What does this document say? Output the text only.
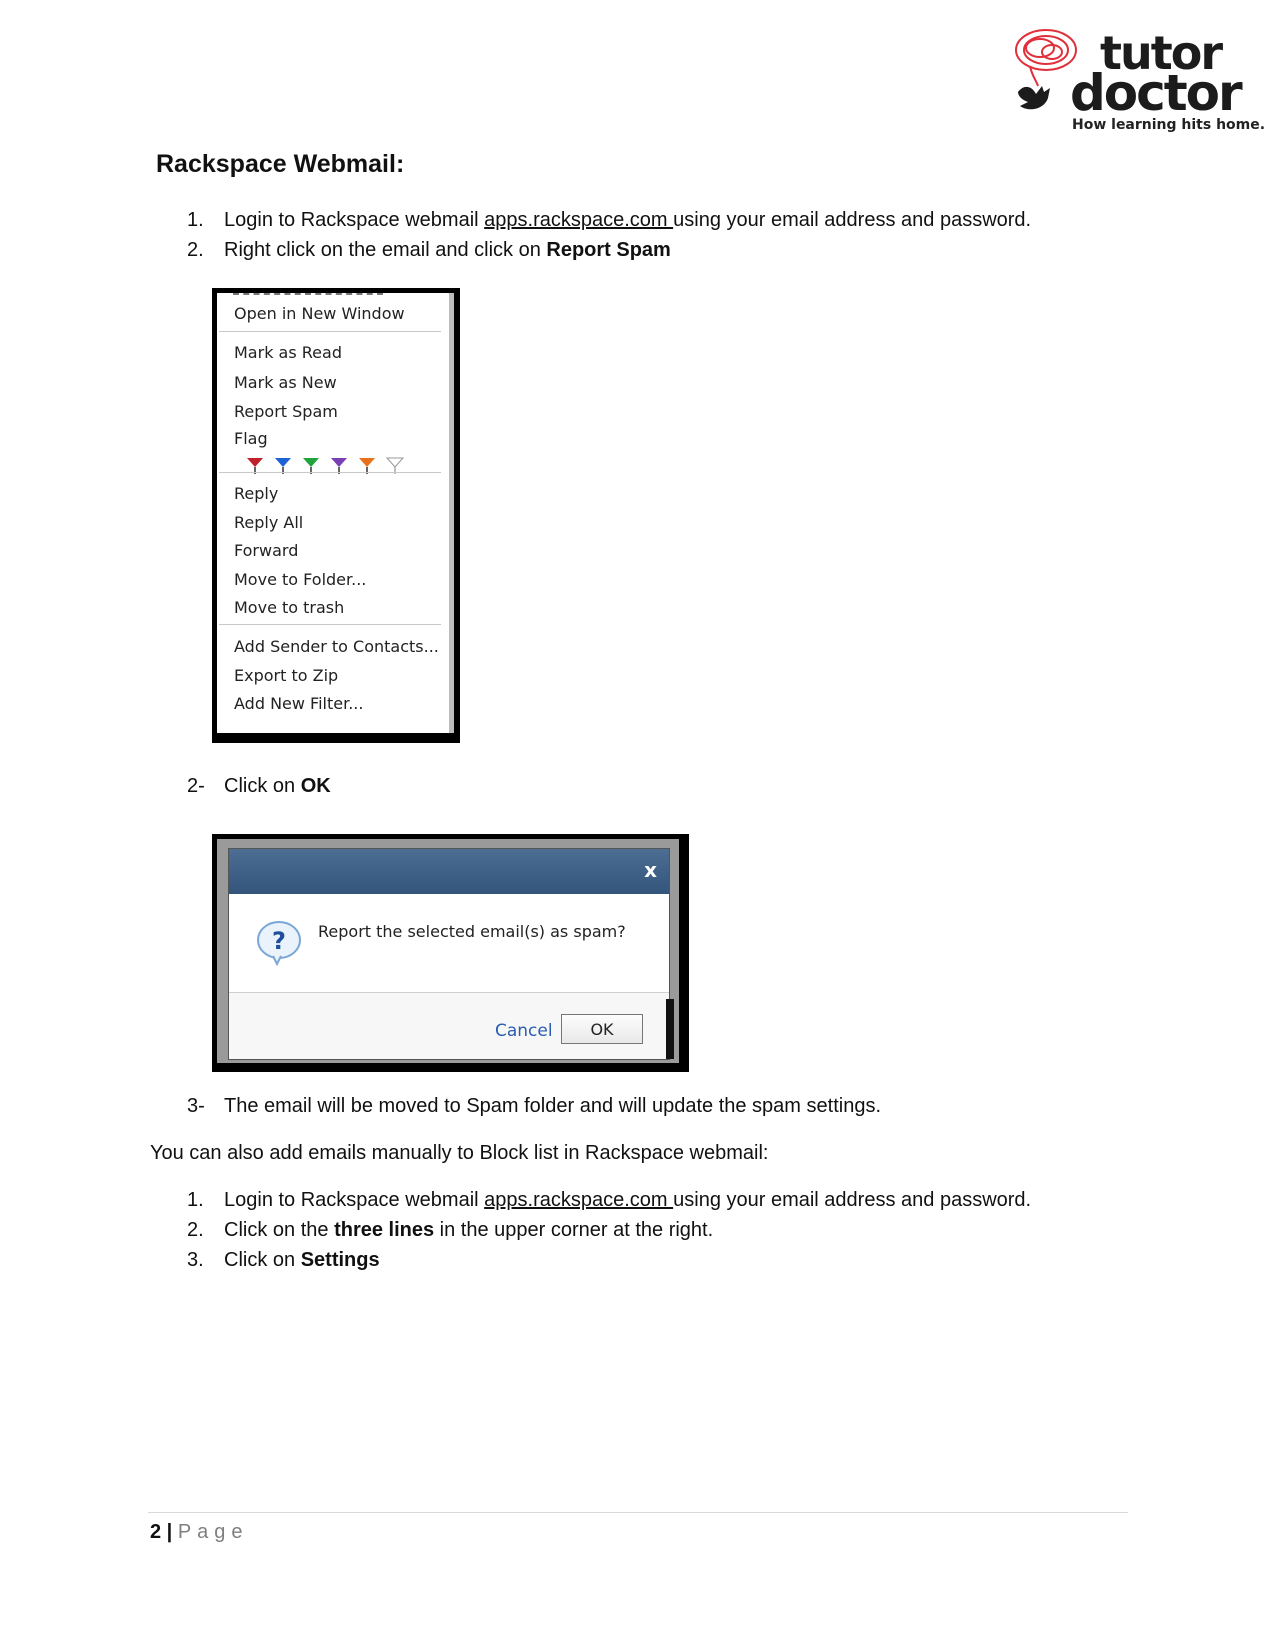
tutor
doctor
How learning hits home.
Rackspace Webmail:
1.	Login to Rackspace webmail apps.rackspace.com using your email address and password.
2.	Right click on the email and click on Report Spam
Open in New Window
Mark as Read
Mark as New
Report Spam
Flag
Reply
Reply All
Forward
Move to Folder...
Move to trash
Add Sender to Contacts...
Export to Zip
Add New Filter...
2- Click on OK
x
? Report the selected email(s) as spam?
Cancel	OK
3- The email will be moved to Spam folder and will update the spam settings.
You can also add emails manually to Block list in Rackspace webmail:
1.	Login to Rackspace webmail apps.rackspace.com using your email address and password.
2.	Click on the three lines in the upper corner at the right.
3.	Click on Settings
2 | Page
